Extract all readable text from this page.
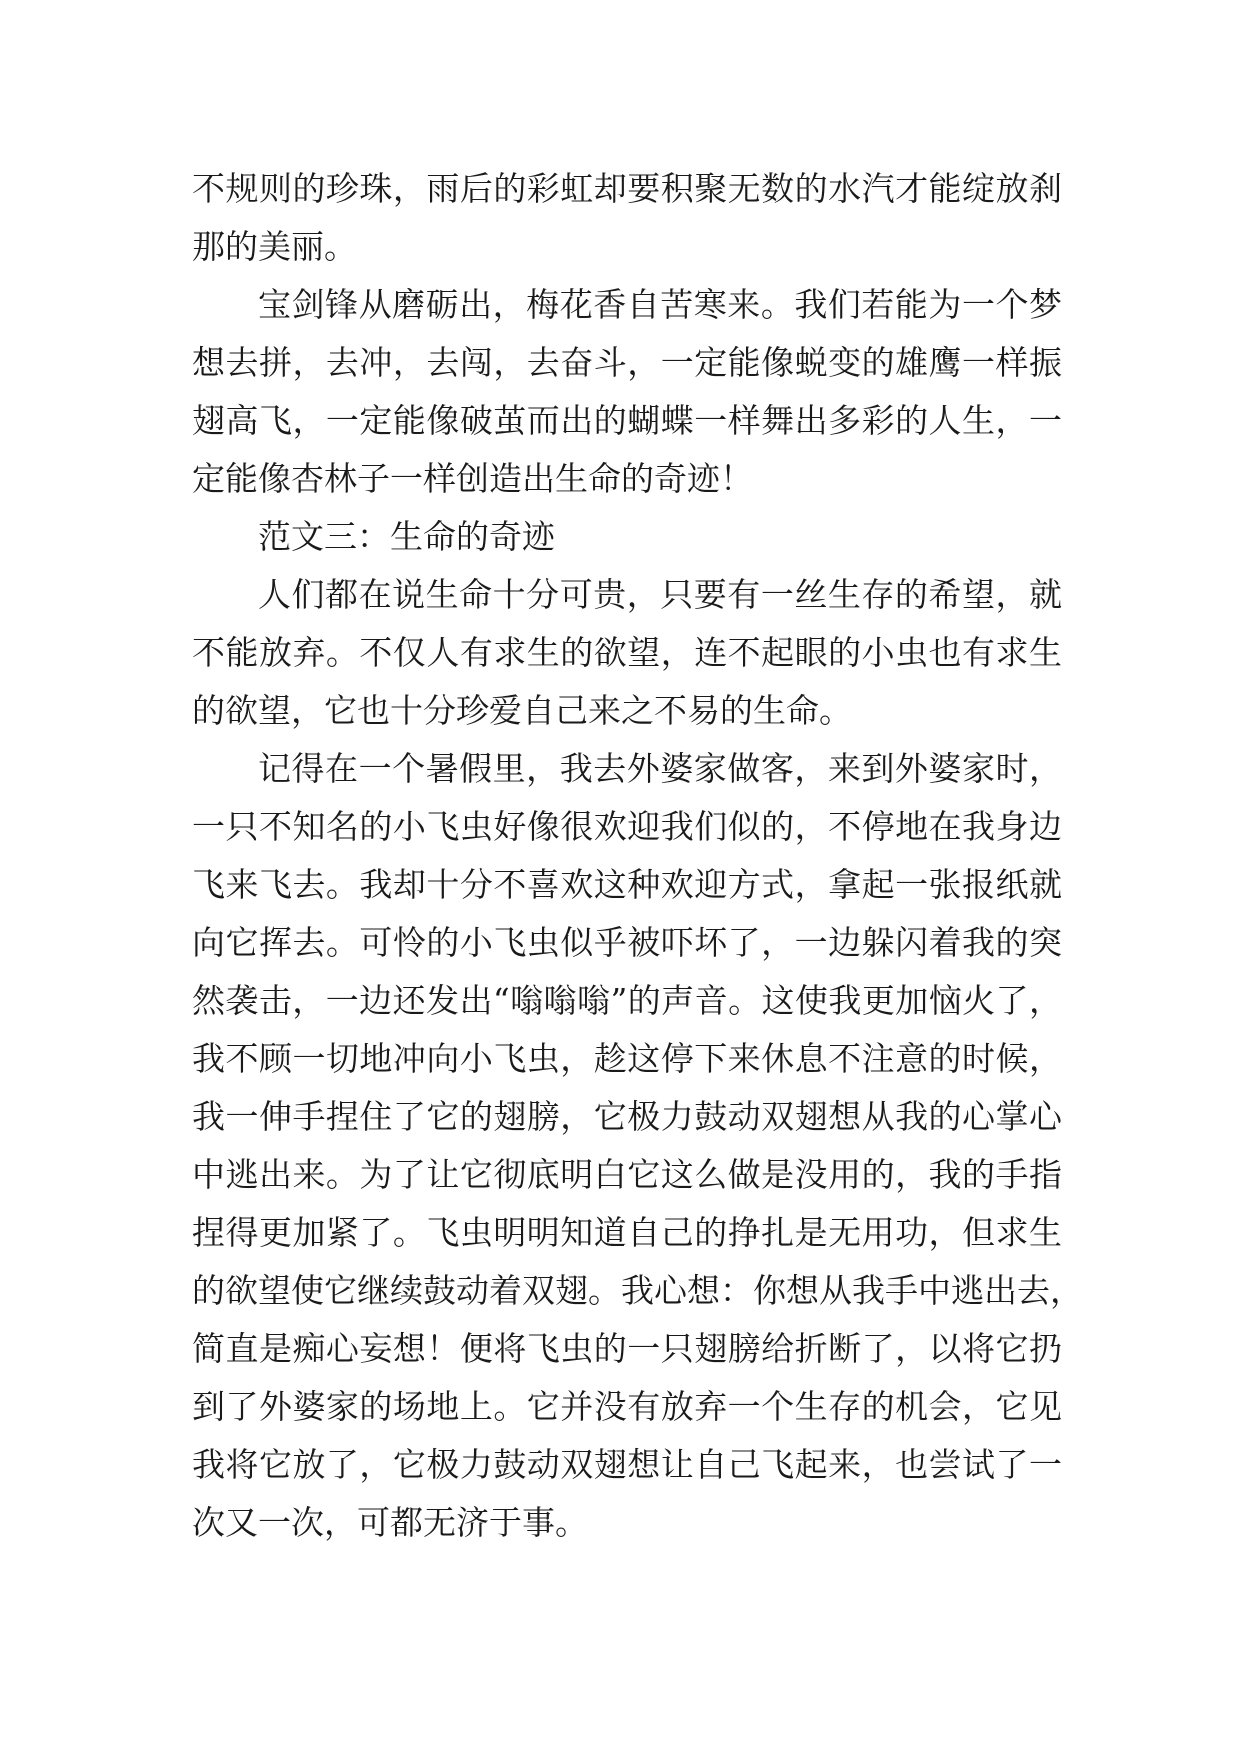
不规则的珍珠，雨后的彩虹却要积聚无数的水汽才能绽放刹
那的美丽。
宝剑锋从磨砺出，梅花香自苦寒来。我们若能为一个梦
想去拼，去冲，去闯，去奋斗，一定能像蜕变的雄鹰一样振
翅高飞，一定能像破茧而出的蝴蝶一样舞出多彩的人生，一
定能像杏林子一样创造出生命的奇迹！
范文三：生命的奇迹
人们都在说生命十分可贵，只要有一丝生存的希望，就
不能放弃。不仅人有求生的欲望，连不起眼的小虫也有求生
的欲望，它也十分珍爱自己来之不易的生命。
记得在一个暑假里，我去外婆家做客，来到外婆家时，
一只不知名的小飞虫好像很欢迎我们似的，不停地在我身边
飞来飞去。我却十分不喜欢这种欢迎方式，拿起一张报纸就
向它挥去。可怜的小飞虫似乎被吓坏了，一边躲闪着我的突
然袭击，一边还发出“嗡嗡嗡”的声音。这使我更加恼火了，
我不顾一切地冲向小飞虫，趁这停下来休息不注意的时候，
我一伸手捏住了它的翅膀，它极力鼓动双翅想从我的心掌心
中逃出来。为了让它彻底明白它这么做是没用的，我的手指
捏得更加紧了。飞虫明明知道自己的挣扎是无用功，但求生
的欲望使它继续鼓动着双翅。我心想：你想从我手中逃出去，
简直是痴心妄想！便将飞虫的一只翅膀给折断了，以将它扔
到了外婆家的场地上。它并没有放弃一个生存的机会，它见
我将它放了，它极力鼓动双翅想让自己飞起来，也尝试了一
次又一次，可都无济于事。
